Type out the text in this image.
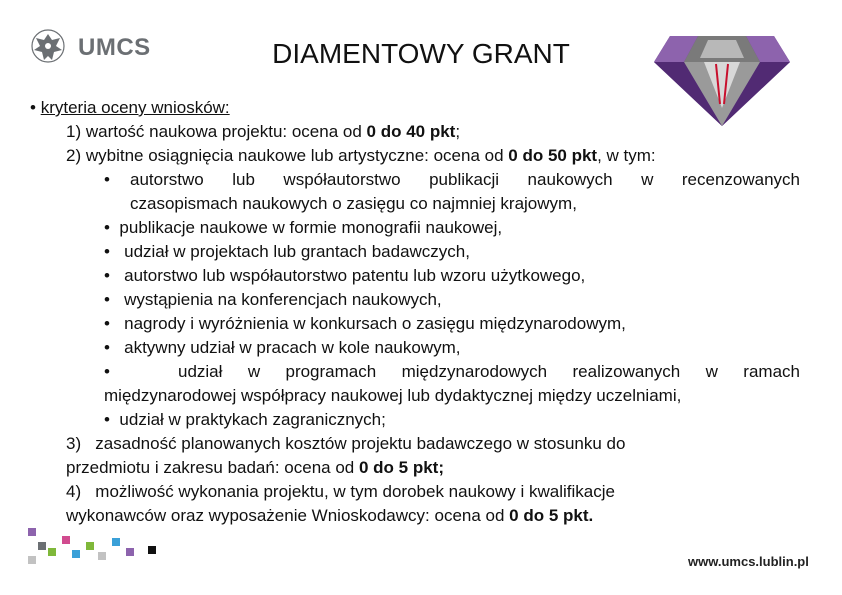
UMCS	DIAMENTOWY GRANT
• kryteria oceny wniosków:
1) wartość naukowa projektu: ocena od 0 do 40 pkt;
2) wybitne osiągnięcia naukowe lub artystyczne: ocena od 0 do 50 pkt, w tym:
• autorstwo lub współautorstwo publikacji naukowych w recenzowanych
czasopismach naukowych o zasięgu co najmniej krajowym,
• publikacje naukowe w formie monografii naukowej,
• udział w projektach lub grantach badawczych,
• autorstwo lub współautorstwo patentu lub wzoru użytkowego,
• wystąpienia na konferencjach naukowych,
• nagrody i wyróżnienia w konkursach o zasięgu międzynarodowym,
• aktywny udział w pracach w kole naukowym,
•	udział w programach międzynarodowych realizowanych w ramach
międzynarodowej współpracy naukowej lub dydaktycznej między uczelniami,
• udział w praktykach zagranicznych;
3) zasadność planowanych kosztów projektu badawczego w stosunku do
przedmiotu i zakresu badań: ocena od 0 do 5 pkt;
4) możliwość wykonania projektu, w tym dorobek naukowy i kwalifikacje
wykonawców oraz wyposażenie Wnioskodawcy: ocena od 0 do 5 pkt.
www.umcs.lublin.pl
